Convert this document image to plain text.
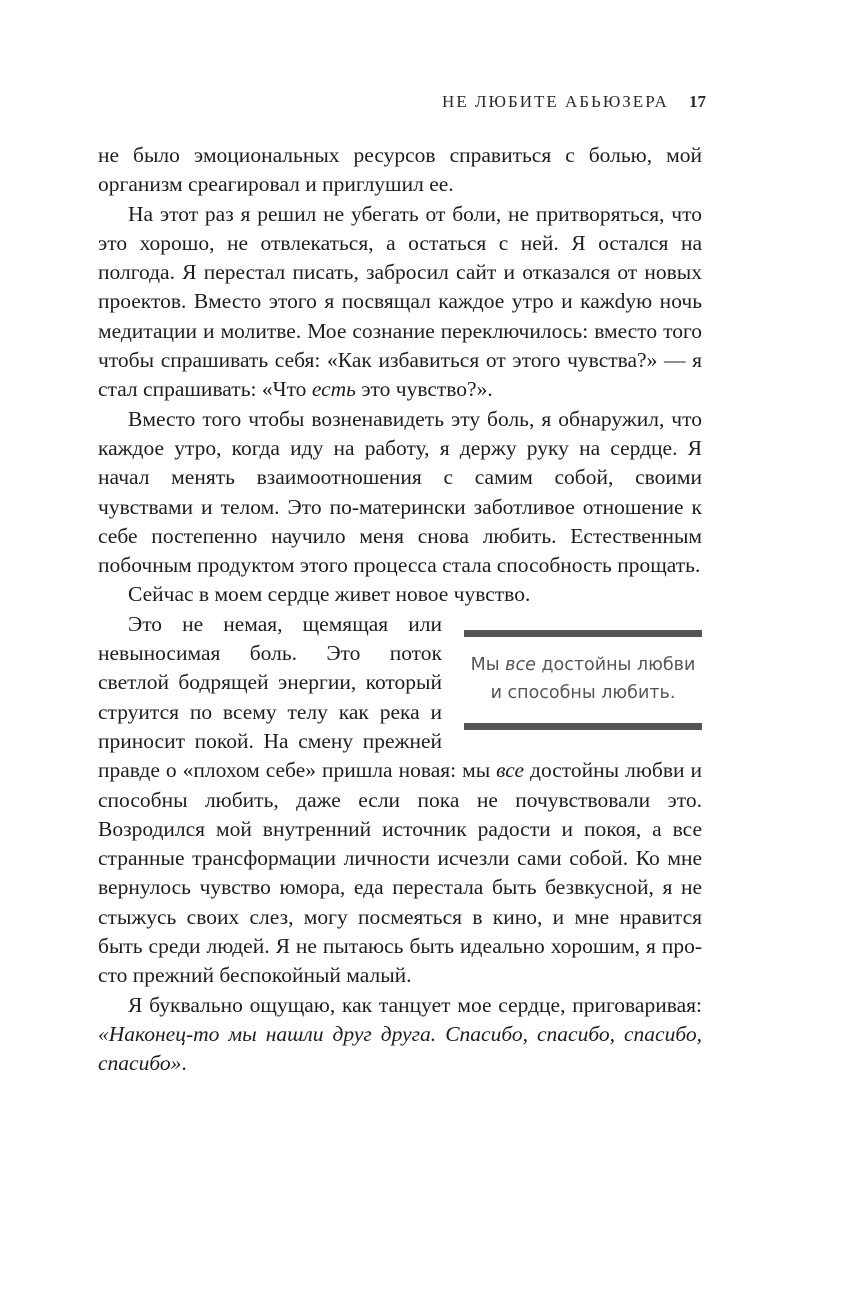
НЕ ЛЮБИТЕ АБЬЮЗЕРА 17

не было эмоциональных ресурсов справиться с болью, мой организм среагировал и приглушил ее.

На этот раз я решил не убегать от боли, не притворяться, что это хорошо, не отвлекаться, а остаться с ней. Я остался на полгода. Я перестал писать, забросил сайт и отказался от новых проектов. Вместо этого я посвящал каждое утро и кажdую ночь медитации и молитве. Мое сознание переключилось: вместо того чтобы спрашивать себя: «Как избавиться от этого чувства?» — я стал спрашивать: «Что есть это чувство?».

Вместо того чтобы возненавидеть эту боль, я обнаружил, что каждое утро, когда иду на работу, я держу руку на сердце. Я начал менять взаимоотношения с самим собой, своими чувствами и телом. Это по-матерински заботливое отношение к себе постепенно научило меня снова любить. Естественным побочным продуктом этого процесса стала способность прощать.

Сейчас в моем сердце живет новое чувство.

Мы все достойны любви и способны любить.
Это не немая, щемящая или невыносимая боль. Это поток светлой бодрящей энергии, который струится по всему телу как река и приносит покой. На смену прежней правде о «плохом себе» пришла новая: мы все достойны любви и способны любить, даже если пока не почувствовали это. Возродился мой внутренний источник радости и покоя, а все странные трансформации личности исчезли сами собой. Ко мне вернулось чувство юмора, еда перестала быть безвкусной, я не стыжусь своих слез, могу посмеяться в кино, и мне нравится быть среди людей. Я не пытаюсь быть идеально хорошим, я просто прежний беспокойный малый.

Я буквально ощущаю, как танцует мое сердце, приговаривая: «Наконец-то мы нашли друг друга. Спасибо, спасибо, спасибо, спасибо».
